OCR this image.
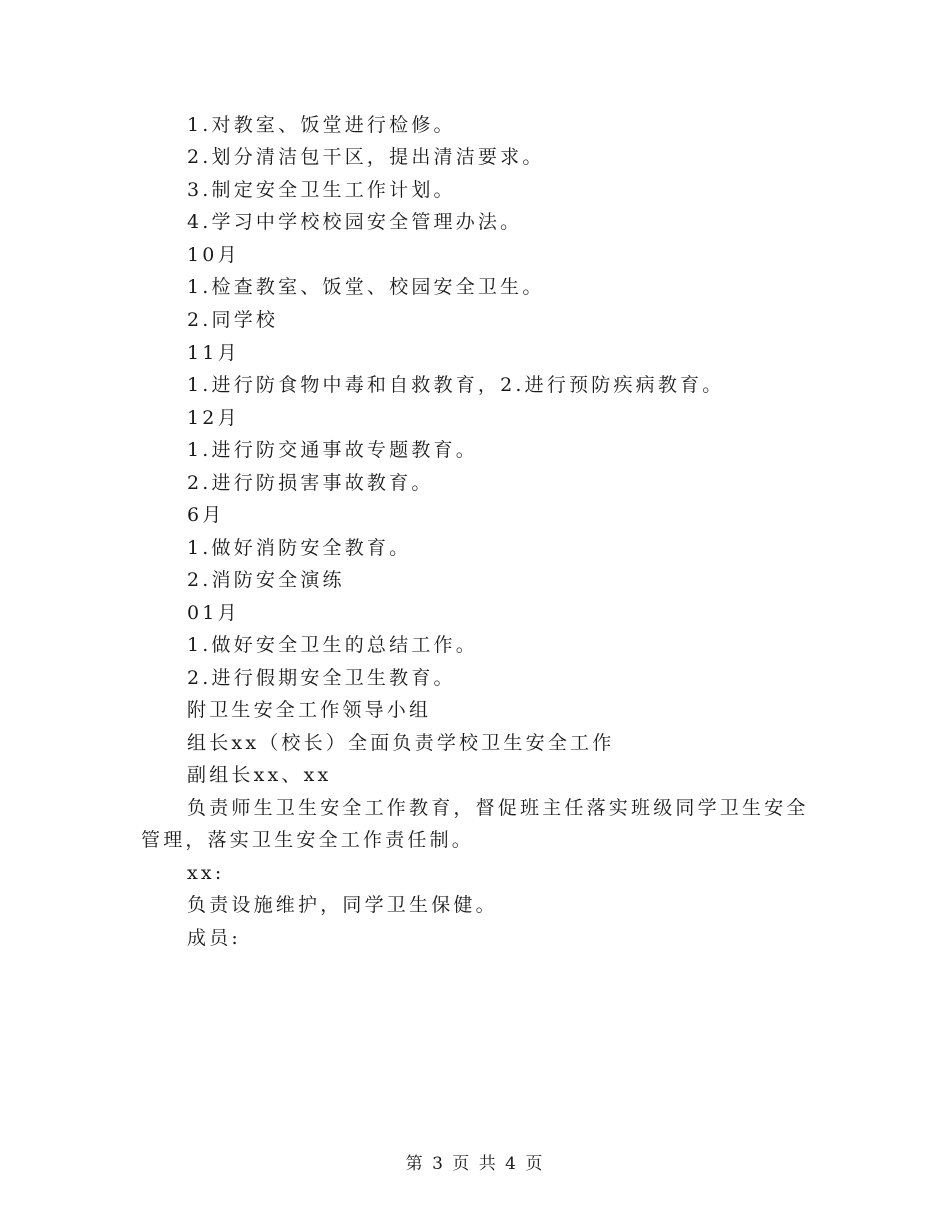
1.对教室、饭堂进行检修。
2.划分清洁包干区，提出清洁要求。
3.制定安全卫生工作计划。
4.学习中学校校园安全管理办法。
10月
1.检查教室、饭堂、校园安全卫生。
2.同学校
11月
1.进行防食物中毒和自救教育，2.进行预防疾病教育。
12月
1.进行防交通事故专题教育。
2.进行防损害事故教育。
6月
1.做好消防安全教育。
2.消防安全演练
01月
1.做好安全卫生的总结工作。
2.进行假期安全卫生教育。
附卫生安全工作领导小组
组长xx（校长）全面负责学校卫生安全工作
副组长xx、xx
负责师生卫生安全工作教育，督促班主任落实班级同学卫生安全
管理，落实卫生安全工作责任制。
xx:
负责设施维护，同学卫生保健。
成员:
第 3 页 共 4 页
